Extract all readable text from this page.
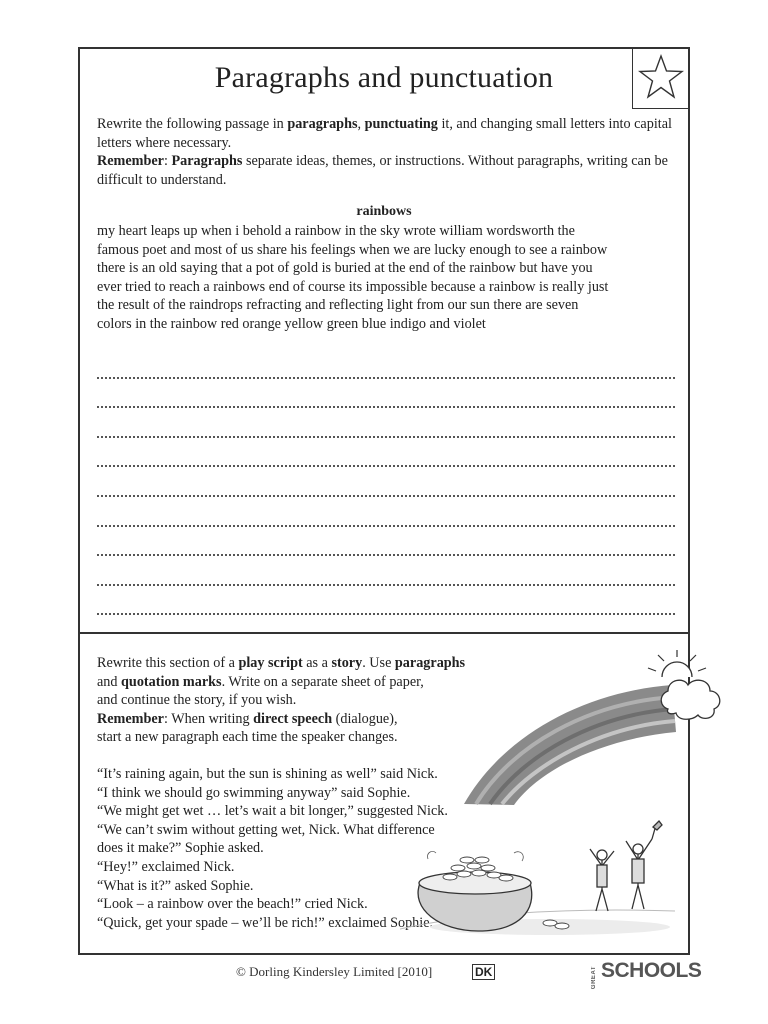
Paragraphs and punctuation
Rewrite the following passage in paragraphs, punctuating it, and changing small letters into capital letters where necessary.
Remember: Paragraphs separate ideas, themes, or instructions. Without paragraphs, writing can be difficult to understand.
rainbows
my heart leaps up when i behold a rainbow in the sky wrote william wordsworth the
famous poet and most of us share his feelings when we are lucky enough to see a rainbow
there is an old saying that a pot of gold is buried at the end of the rainbow but have you
ever tried to reach a rainbows end of course its impossible because a rainbow is really just
the result of the raindrops refracting and reflecting light from our sun there are seven
colors in the rainbow red orange yellow green blue indigo and violet
Rewrite this section of a play script as a story. Use paragraphs
and quotation marks. Write on a separate sheet of paper,
and continue the story, if you wish.
Remember: When writing direct speech (dialogue),
start a new paragraph each time the speaker changes.

“It’s raining again, but the sun is shining as well” said Nick.

“I think we should go swimming anyway” said Sophie.

“We might get wet … let’s wait a bit longer,” suggested Nick.

“We can’t swim without getting wet, Nick. What difference

does it make?” Sophie asked.

“Hey!” exclaimed Nick.

“What is it?” asked Sophie.

“Look – a rainbow over the beach!” cried Nick.

“Quick, get your spade – we’ll be rich!” exclaimed Sophie.

© Dorling Kindersley Limited [2010]	DK	GREAT SCHOOLS
